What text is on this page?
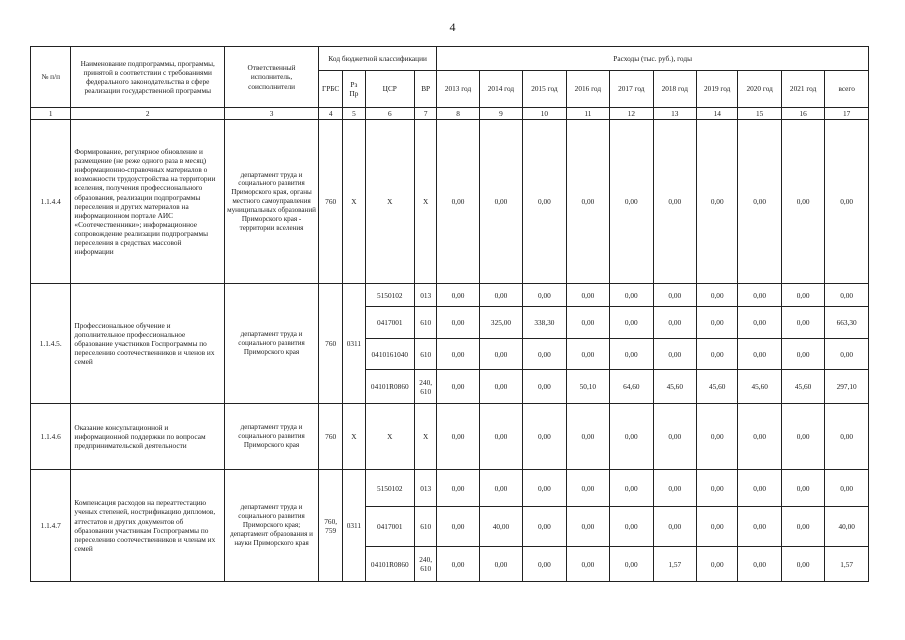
4
№ п/п	Наименование подпрограммы, программы, принятой в соответствии с требованиями федерального законодательства в сфере реализации государственной программы	Ответственный исполнитель, соисполнители	Код бюджетной классификации				Расходы (тыс. руб.), годы									
			ГРБС	Рз Пр	ЦСР	ВР	2013 год	2014 год	2015 год	2016 год	2017 год	2018 год	2019 год	2020 год	2021 год	всего
1	2	3	4	5	6	7	8	9	10	11	12	13	14	15	16	17
1.1.4.4	Формирование, регулярное обновление и размещение (не реже одного раза в месяц) информационно-справочных материалов о возможности трудоустройства на территории вселения, получения профессионального образования, реализации подпрограммы переселения и других материалов на информационном портале АИС «Соотечественники»; информационное сопровождение реализации подпрограммы переселения в средствах массовой информации	департамент труда и социального развития Приморского края, органы местного самоуправления муниципальных образований Приморского края - территории вселения	760	X	X	X	0,00	0,00	0,00	0,00	0,00	0,00	0,00	0,00	0,00	0,00
1.1.4.5.	Профессиональное обучение и дополнительное профессиональное образование участников Госпрограммы по переселению соотечественников и членов их семей	департамент труда и социального развития Приморского края	760	0311	5150102	013	0,00	0,00	0,00	0,00	0,00	0,00	0,00	0,00	0,00	0,00
					0417001	610	0,00	325,00	338,30	0,00	0,00	0,00	0,00	0,00	0,00	663,30
					0410161040	610	0,00	0,00	0,00	0,00	0,00	0,00	0,00	0,00	0,00	0,00
					04101R0860	240, 610	0,00	0,00	0,00	50,10	64,60	45,60	45,60	45,60	45,60	297,10
1.1.4.6	Оказание консультационной и информационной поддержки по вопросам предпринимательской деятельности	департамент труда и социального развития Приморского края	760	X	X	X	0,00	0,00	0,00	0,00	0,00	0,00	0,00	0,00	0,00	0,00
1.1.4.7	Компенсация расходов на переаттестацию ученых степеней, нострификацию дипломов, аттестатов и других документов об образовании участникам Госпрограммы по переселению соотечественников и членам их семей	департамент труда и социального развития Приморского края; департамент образования и науки Приморского края	760, 759	0311	5150102	013	0,00	0,00	0,00	0,00	0,00	0,00	0,00	0,00	0,00	0,00
					0417001	610	0,00	40,00	0,00	0,00	0,00	0,00	0,00	0,00	0,00	40,00
					04101R0860	240, 610	0,00	0,00	0,00	0,00	0,00	1,57	0,00	0,00	0,00	1,57
